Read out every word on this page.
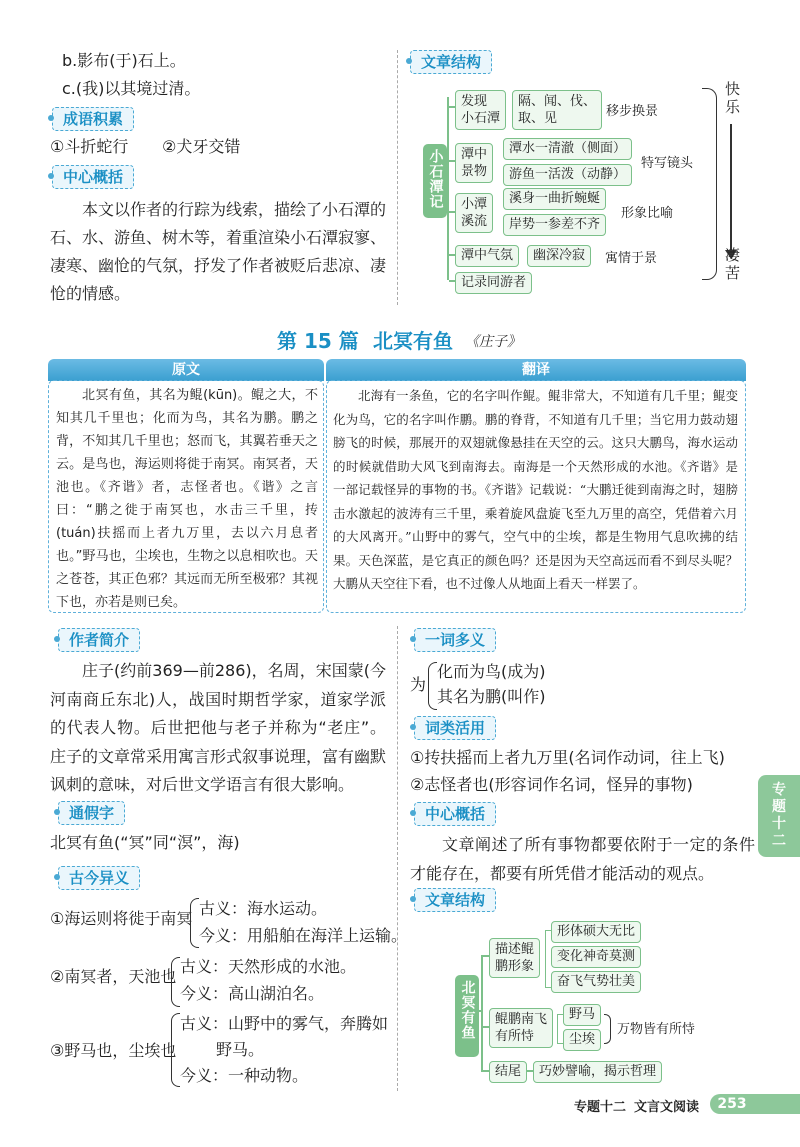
b.影布(于)石上。
c.(我)以其境过清。
成语积累
①斗折蛇行 ②犬牙交错
中心概括
本文以作者的行踪为线索，描绘了小石潭的石、水、游鱼、树木等，着重渲染小石潭寂寥、凄寒、幽怆的气氛，抒发了作者被贬后悲凉、凄怆的情感。
文章结构
小石潭记
发现
小石潭
隔、闻、伐、
取、见	移步换景
潭中
景物
潭水一清澈（侧面）
游鱼一活泼（动静）
特写镜头
小潭
溪流
溪身一曲折蜿蜒
岸势一参差不齐
形象比喻
潭中气氛	幽深冷寂	寓情于景
记录同游者
快
乐
凄
苦
第 15 篇 北冥有鱼 《庄子》
原文	翻译
北冥有鱼，其名为鲲(kūn)。鲲之大，不知其几千里也；化而为鸟，其名为鹏。鹏之背，不知其几千里也；怒而飞，其翼若垂天之云。是鸟也，海运则将徙于南冥。南冥者，天池也。《齐谐》者，志怪者也。《谐》之言曰：“鹏之徙于南冥也，水击三千里，抟(tuán)扶摇而上者九万里，去以六月息者也。”野马也，尘埃也，生物之以息相吹也。天之苍苍，其正色邪？其远而无所至极邪？其视下也，亦若是则已矣。
北海有一条鱼，它的名字叫作鲲。鲲非常大，不知道有几千里；鲲变化为鸟，它的名字叫作鹏。鹏的脊背，不知道有几千里；当它用力鼓动翅膀飞的时候，那展开的双翅就像悬挂在天空的云。这只大鹏鸟，海水运动的时候就借助大风飞到南海去。南海是一个天然形成的水池。《齐谐》是一部记载怪异的事物的书。《齐谐》记载说：“大鹏迁徙到南海之时，翅膀击水激起的波涛有三千里，乘着旋风盘旋飞至九万里的高空，凭借着六月的大风离开。”山野中的雾气，空气中的尘埃，都是生物用气息吹拂的结果。天色深蓝，是它真正的颜色吗？还是因为天空高远而看不到尽头呢？大鹏从天空往下看，也不过像人从地面上看天一样罢了。
作者简介
庄子(约前369—前286)，名周，宋国蒙(今河南商丘东北)人，战国时期哲学家，道家学派的代表人物。后世把他与老子并称为“老庄”。庄子的文章常采用寓言形式叙事说理，富有幽默讽刺的意味，对后世文学语言有很大影响。
通假字
北冥有鱼(“冥”同“溟”，海)
古今异义
①海运则将徙于南冥
古义：海水运动。
今义：用船舶在海洋上运输。
②南冥者，天池也
古义：天然形成的水池。
今义：高山湖泊名。
③野马也，尘埃也
古义：山野中的雾气，奔腾如
野马。
今义：一种动物。
一词多义
为
化而为鸟(成为)
其名为鹏(叫作)
词类活用
①抟扶摇而上者九万里(名词作动词，往上飞)
②志怪者也(形容词作名词，怪异的事物)
中心概括
文章阐述了所有事物都要依附于一定的条件才能存在，都要有所凭借才能活动的观点。
文章结构
北冥有鱼
描述鲲
鹏形象
形体硕大无比
变化神奇莫测
奋飞气势壮美
鲲鹏南飞
有所恃
野马
尘埃
万物皆有所恃
结尾	巧妙譬喻，揭示哲理
专题十二
专题十二 文言文阅读	253
